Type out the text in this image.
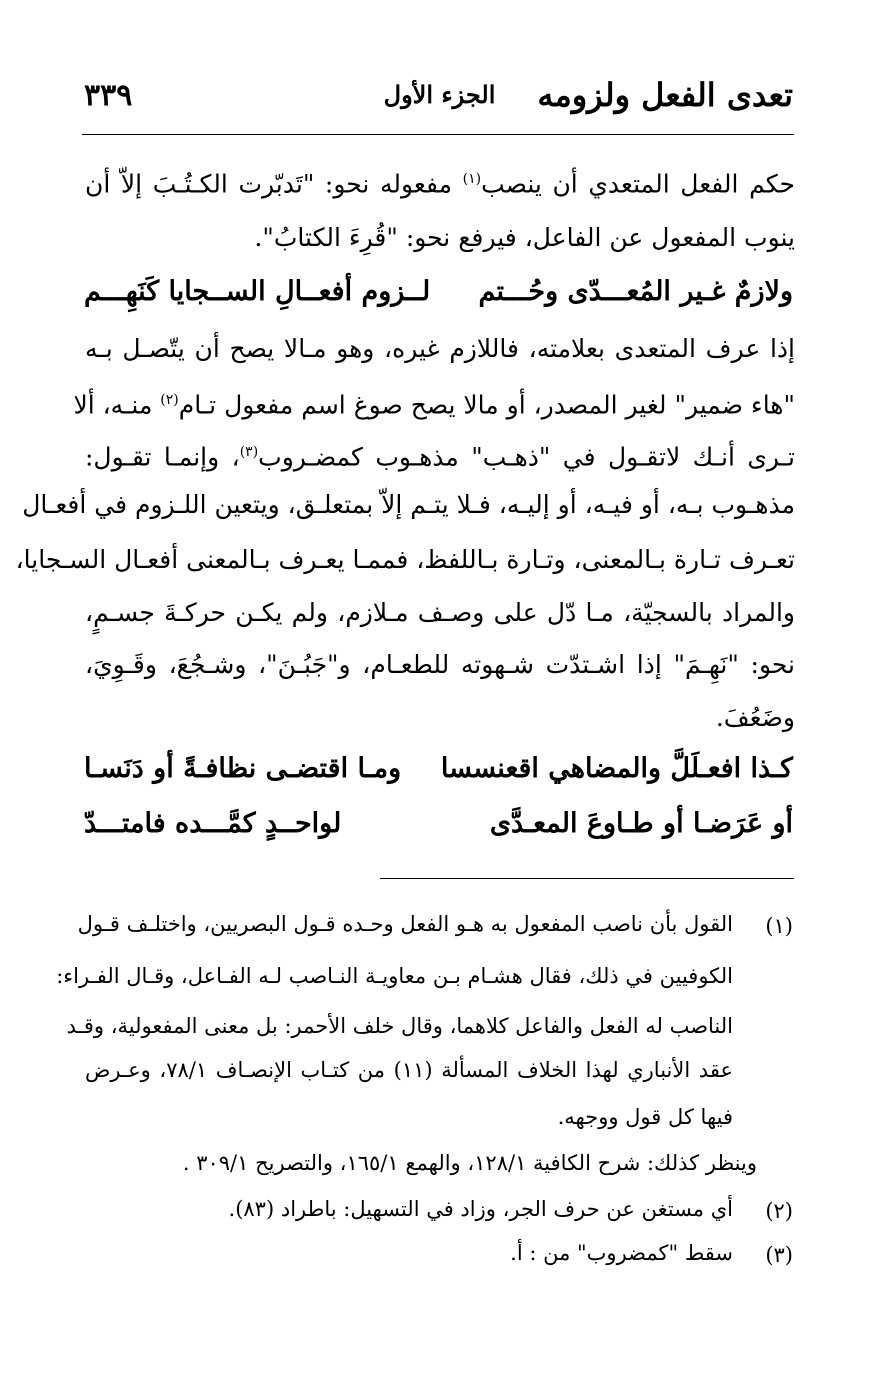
تعدى الفعل ولزومه
الجزء الأول
٣٣٩
حكم الفعل المتعدي أن ينصب$^{(١)}$ مفعوله نحو: "تَدبّرت الكـتُـبَ إلاّ أن
ينوب المفعول عن الفاعل، فيرفع نحو: "قُرِءَ الكتابُ".
ولازمٌ غـير المُعـــدّى وحُـــتم
لــزوم أفعــالِ الســجايا كَنَهِـــم
إذا عرف المتعدى بعلامته، فاللازم غيره، وهو مـالا يصح أن يتّصـل بـه
"هاء ضمير" لغير المصدر، أو مالا يصح صوغ اسم مفعول تـام$^{(٢)}$ منـه، ألا
تـرى أنـك لاتقـول في "ذهـب" مذهـوب كمضـروب$^{(٣)}$، وإنمـا تقـول:
مذهـوب بـه، أو فيـه، أو إليـه، فـلا يتـم إلاّ بمتعلـق، ويتعين اللـزوم في أفعـال
تعـرف تـارة بـالمعنى، وتـارة بـاللفظ، فممـا يعـرف بـالمعنى أفعـال السـجايا،
والمراد بالسجيّة، مـا دّل على وصـف مـلازم، ولم يكـن حركـةَ جسـمٍ،
نحو: "نَهِـمَ" إذا اشـتدّت شـهوته للطعـام، و"جَبُـنَ"، وشـجُعَ، وقَـوِيَ،
وضَعُفَ.
كـذا افعـلَلَّ والمضاهي اقعنسسا
ومـا اقتضـى نظافـةً أو دَنَسـا
أو عَرَضـا أو طـاوعَ المعـدَّى
لواحــدٍ كمَّـــده فامتـــدّ
(١)
القول بأن ناصب المفعول به هـو الفعل وحـده قـول البصريين، واختلـف قـول
الكوفيين في ذلك، فقال هشـام بـن معاويـة النـاصب لـه الفـاعل، وقـال الفـراء:
الناصب له الفعل والفاعل كلاهما، وقال خلف الأحمر: بل معنى المفعولية، وقـد
عقد الأنباري لهذا الخلاف المسألة (١١) من كتـاب الإنصـاف ٧٨/١، وعـرض
فيها كل قول ووجهه.
وينظر كذلك: شرح الكافية ١٢٨/١، والهمع ١٦٥/١، والتصريح ٣٠٩/١ .
(٢)
أي مستغن عن حرف الجر، وزاد في التسهيل: باطراد (٨٣).
(٣)
سقط "كمضروب" من : أ.
